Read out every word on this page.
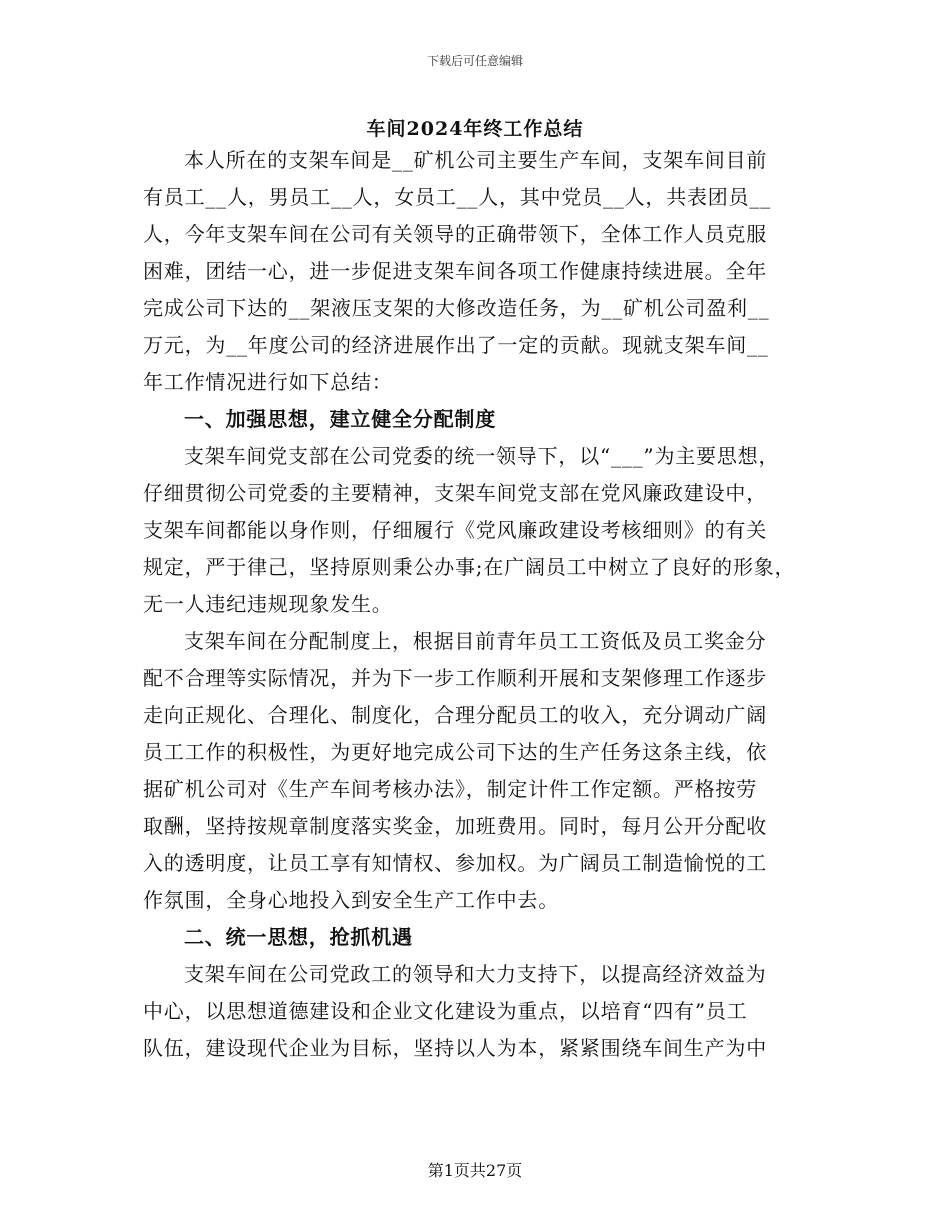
下载后可任意编辑
车间2024年终工作总结
本人所在的支架车间是__矿机公司主要生产车间，支架车间目前
有员工__人，男员工__人，女员工__人，其中党员__人，共表团员__
人，今年支架车间在公司有关领导的正确带领下，全体工作人员克服
困难，团结一心，进一步促进支架车间各项工作健康持续进展。全年
完成公司下达的__架液压支架的大修改造任务，为__矿机公司盈利__
万元，为__年度公司的经济进展作出了一定的贡献。现就支架车间__
年工作情况进行如下总结：
一、加强思想，建立健全分配制度
支架车间党支部在公司党委的统一领导下，以“___”为主要思想，
仔细贯彻公司党委的主要精神，支架车间党支部在党风廉政建设中，
支架车间都能以身作则，仔细履行《党风廉政建设考核细则》的有关
规定，严于律己，坚持原则秉公办事;在广阔员工中树立了良好的形象，
无一人违纪违规现象发生。
支架车间在分配制度上，根据目前青年员工工资低及员工奖金分
配不合理等实际情况，并为下一步工作顺利开展和支架修理工作逐步
走向正规化、合理化、制度化，合理分配员工的收入，充分调动广阔
员工工作的积极性，为更好地完成公司下达的生产任务这条主线，依
据矿机公司对《生产车间考核办法》，制定计件工作定额。严格按劳
取酬，坚持按规章制度落实奖金，加班费用。同时，每月公开分配收
入的透明度，让员工享有知情权、参加权。为广阔员工制造愉悦的工
作氛围，全身心地投入到安全生产工作中去。
二、统一思想，抢抓机遇
支架车间在公司党政工的领导和大力支持下，以提高经济效益为
中心，以思想道德建设和企业文化建设为重点，以培育“四有”员工
队伍，建设现代企业为目标，坚持以人为本，紧紧围绕车间生产为中
第1页共27页
